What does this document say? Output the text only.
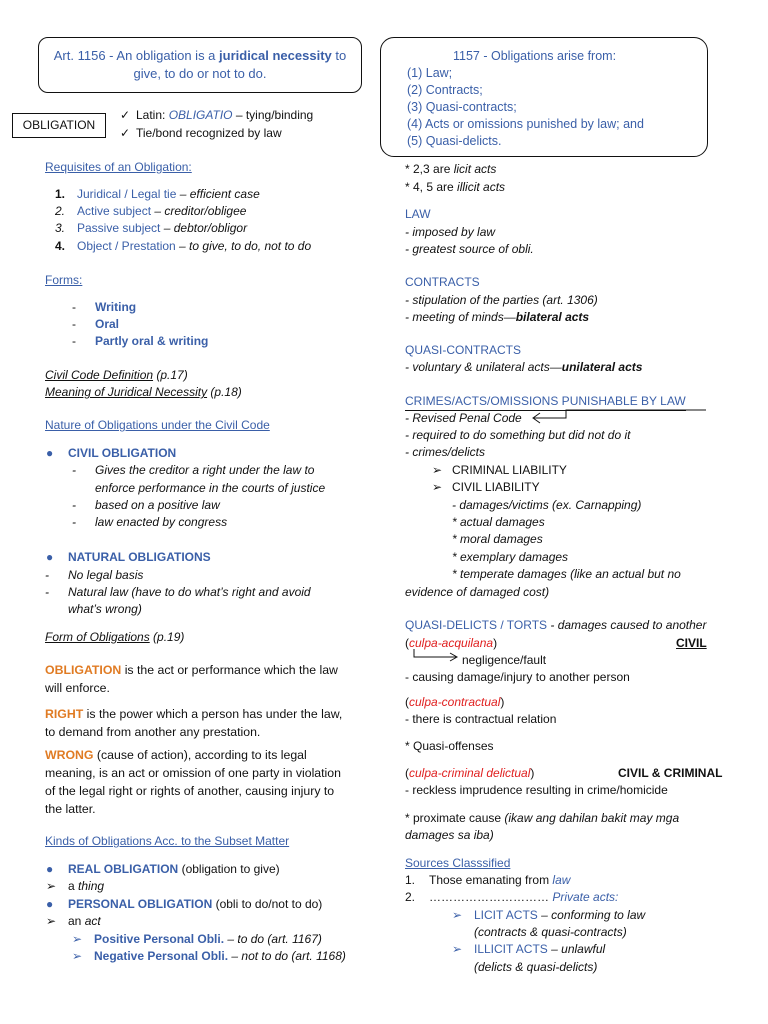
Art. 1156 - An obligation is a juridical necessity to give, to do or not to do.
1157 - Obligations arise from:
(1) Law;
(2) Contracts;
(3) Quasi-contracts;
(4) Acts or omissions punished by law; and
(5) Quasi-delicts.
OBLIGATION
✓ Latin: OBLIGATIO – tying/binding
✓ Tie/bond recognized by law
Requisites of an Obligation:
1. Juridical / Legal tie – efficient case
2. Active subject – creditor/obligee
3. Passive subject – debtor/obligor
4. Object / Prestation – to give, to do, not to do
Forms:
- Writing
- Oral
- Partly oral & writing
Civil Code Definition (p.17)
Meaning of Juridical Necessity (p.18)
Nature of Obligations under the Civil Code
● CIVIL OBLIGATION
- Gives the creditor a right under the law to
enforce performance in the courts of justice
- based on a positive law
- law enacted by congress
● NATURAL OBLIGATIONS
- No legal basis
- Natural law (have to do what’s right and avoid
what’s wrong)
Form of Obligations (p.19)
OBLIGATION is the act or performance which the law
will enforce.
RIGHT is the power which a person has under the law,
to demand from another any prestation.
WRONG (cause of action), according to its legal
meaning, is an act or omission of one party in violation
of the legal right or rights of another, causing injury to
the latter.
Kinds of Obligations Acc. to the Subset Matter
● REAL OBLIGATION (obligation to give)
➢ a thing
● PERSONAL OBLIGATION (obli to do/not to do)
➢ an act
➢ Positive Personal Obli. – to do (art. 1167)
➢ Negative Personal Obli. – not to do (art. 1168)
* 2,3 are licit acts
* 4, 5 are illicit acts
LAW
- imposed by law
- greatest source of obli.
CONTRACTS
- stipulation of the parties (art. 1306)
- meeting of minds—bilateral acts
QUASI-CONTRACTS
- voluntary & unilateral acts—unilateral acts
CRIMES/ACTS/OMISSIONS PUNISHABLE BY LAW
- Revised Penal Code
- required to do something but did not do it
- crimes/delicts
➢ CRIMINAL LIABILITY
➢ CIVIL LIABILITY
- damages/victims (ex. Carnapping)
* actual damages
* moral damages
* exemplary damages
* temperate damages (like an actual but no
evidence of damaged cost)
QUASI-DELICTS / TORTS - damages caused to another
(culpa-acquilana)	CIVIL
negligence/fault
- causing damage/injury to another person
(culpa-contractual)
- there is contractual relation
* Quasi-offenses
(culpa-criminal delictual)	CIVIL & CRIMINAL
- reckless imprudence resulting in crime/homicide
* proximate cause (ikaw ang dahilan bakit may mga
damages sa iba)
Sources Classsified
1. Those emanating from law
2. ………………………… Private acts:
➢ LICIT ACTS – conforming to law
(contracts & quasi-contracts)
➢ ILLICIT ACTS – unlawful
(delicts & quasi-delicts)
